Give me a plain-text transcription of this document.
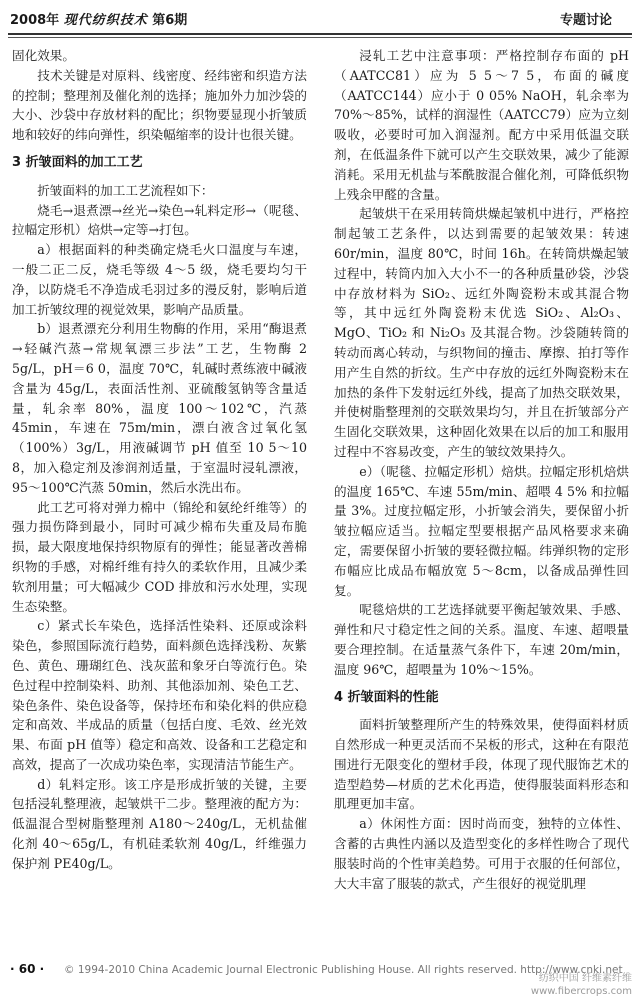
2008年 现代纺织技术 第6期	专题讨论

固化效果。

技术关键是对原料、线密度、经纬密和织造方法的控制；整理剂及催化剂的选择；施加外力加沙袋的大小、沙袋中存放材料的配比；织物要显现小折皱质地和较好的纬向弹性，织染幅缩率的设计也很关键。

3 折皱面料的加工工艺

折皱面料的加工工艺流程如下：

烧毛→退煮漂→丝光→染色→轧料定形→（呢毯、拉幅定形机）焙烘→定等→打包。

a）根据面料的种类确定烧毛火口温度与车速，一般二正二反，烧毛等级 4～5 级，烧毛要均匀干净，以防烧毛不净造成毛羽过多的漫反射，影响后道加工折皱纹理的视觉效果，影响产品质量。

b）退煮漂充分利用生物酶的作用，采用“酶退煮→轻碱汽蒸→常规氧漂三步法”工艺，生物酶 2 5g/L，pH＝6 0，温度 70℃，轧碱时煮练液中碱液含量为 45g/L，表面活性剂、亚硫酸氢钠等含量适量，轧余率 80%，温度 100～102℃，汽蒸 45min，车速在 75m/min，漂白液含过氧化氢（100%）3g/L，用液碱调节 pH 值至 10 5～10 8，加入稳定剂及渗润剂适量，于室温时浸轧漂液，95～100℃汽蒸 50min，然后水洗出布。

此工艺可将对弹力棉中（锦纶和氨纶纤维等）的强力损伤降到最小，同时可减少棉布失重及局布脆损，最大限度地保持织物原有的弹性；能显著改善棉织物的手感，对棉纤维有持久的柔软作用，且减少柔软剂用量；可大幅减少 COD 排放和污水处理，实现生态染整。

c）紧式长车染色，选择活性染料、还原或涂料染色，参照国际流行趋势，面料颜色选择浅粉、灰紫色、黄色、珊瑚红色、浅灰蓝和象牙白等流行色。染色过程中控制染料、助剂、其他添加剂、染色工艺、染色条件、染色设备等，保持坯布和染化料的供应稳定和高效、半成品的质量（包括白度、毛效、丝光效果、布面 pH 值等）稳定和高效、设备和工艺稳定和高效，提高了一次成功染色率，实现清洁节能生产。

d）轧料定形。该工序是形成折皱的关键，主要包括浸轧整理液，起皱烘干二步。整理液的配方为：低温混合型树脂整理剂 A180～240g/L，无机盐催化剂 40～65g/L，有机硅柔软剂 40g/L，纤维强力保护剂 PE40g/L。

浸轧工艺中注意事项：严格控制存布面的 pH（AATCC81）应为 5 5～7 5，布面的碱度（AATCC144）应小于 0 05% NaOH，轧余率为 70%～85%，试样的润湿性（AATCC79）应为立刻吸收，必要时可加入润湿剂。配方中采用低温交联剂，在低温条件下就可以产生交联效果，减少了能源消耗。采用无机盐与苯酰胺混合催化剂，可降低织物上残余甲醛的含量。

起皱烘干在采用转筒烘燥起皱机中进行，严格控制起皱工艺条件，以达到需要的起皱效果：转速 60r/min，温度 80℃，时间 16h。在转筒烘燥起皱过程中，转筒内加入大小不一的各种质量砂袋，沙袋中存放材料为 SiO₂、远红外陶瓷粉末或其混合物等，其中远红外陶瓷粉末优选 SiO₂、Al₂O₃、MgO、TiO₂ 和 Ni₂O₃ 及其混合物。沙袋随转筒的转动而离心转动，与织物间的撞击、摩擦、拍打等作用产生自然的折纹。生产中存放的远红外陶瓷粉末在加热的条件下发射远红外线，提高了加热交联效果，并使树脂整理剂的交联效果均匀，并且在折皱部分产生固化交联效果，这种固化效果在以后的加工和服用过程中不容易改变，产生的皱纹效果持久。

e）（呢毯、拉幅定形机）焙烘。拉幅定形机焙烘的温度 165℃、车速 55m/min、超喂 4 5% 和拉幅量 3%。过度拉幅定形，小折皱会消失，要保留小折皱拉幅应适当。拉幅定型要根据产品风格要求来确定，需要保留小折皱的要轻微拉幅。纬弹织物的定形布幅应比成品布幅放宽 5～8cm，以备成品弹性回复。

呢毯焙烘的工艺选择就要平衡起皱效果、手感、弹性和尺寸稳定性之间的关系。温度、车速、超喂量要合理控制。在适量蒸气条件下，车速 20m/min，温度 96℃，超喂量为 10%～15%。

4 折皱面料的性能

面料折皱整理所产生的特殊效果，使得面料材质自然形成一种更灵活而不呆板的形式，这种在有限范围进行无限变化的塑材手段，体现了现代服饰艺术的造型趋势—材质的艺术化再造，使得服装面料形态和肌理更加丰富。

a）休闲性方面：因时尚而变，独特的立体性、含蓄的古典性内涵以及造型变化的多样性吻合了现代服装时尚的个性审美趋势。可用于衣服的任何部位，大大丰富了服装的款式，产生很好的视觉肌理

· 60 · © 1994-2010 China Academic Journal Electronic Publishing House. All rights reserved. http://www.cnki.net
纺织中国 纤维素纤维
www.fibercrops.com
